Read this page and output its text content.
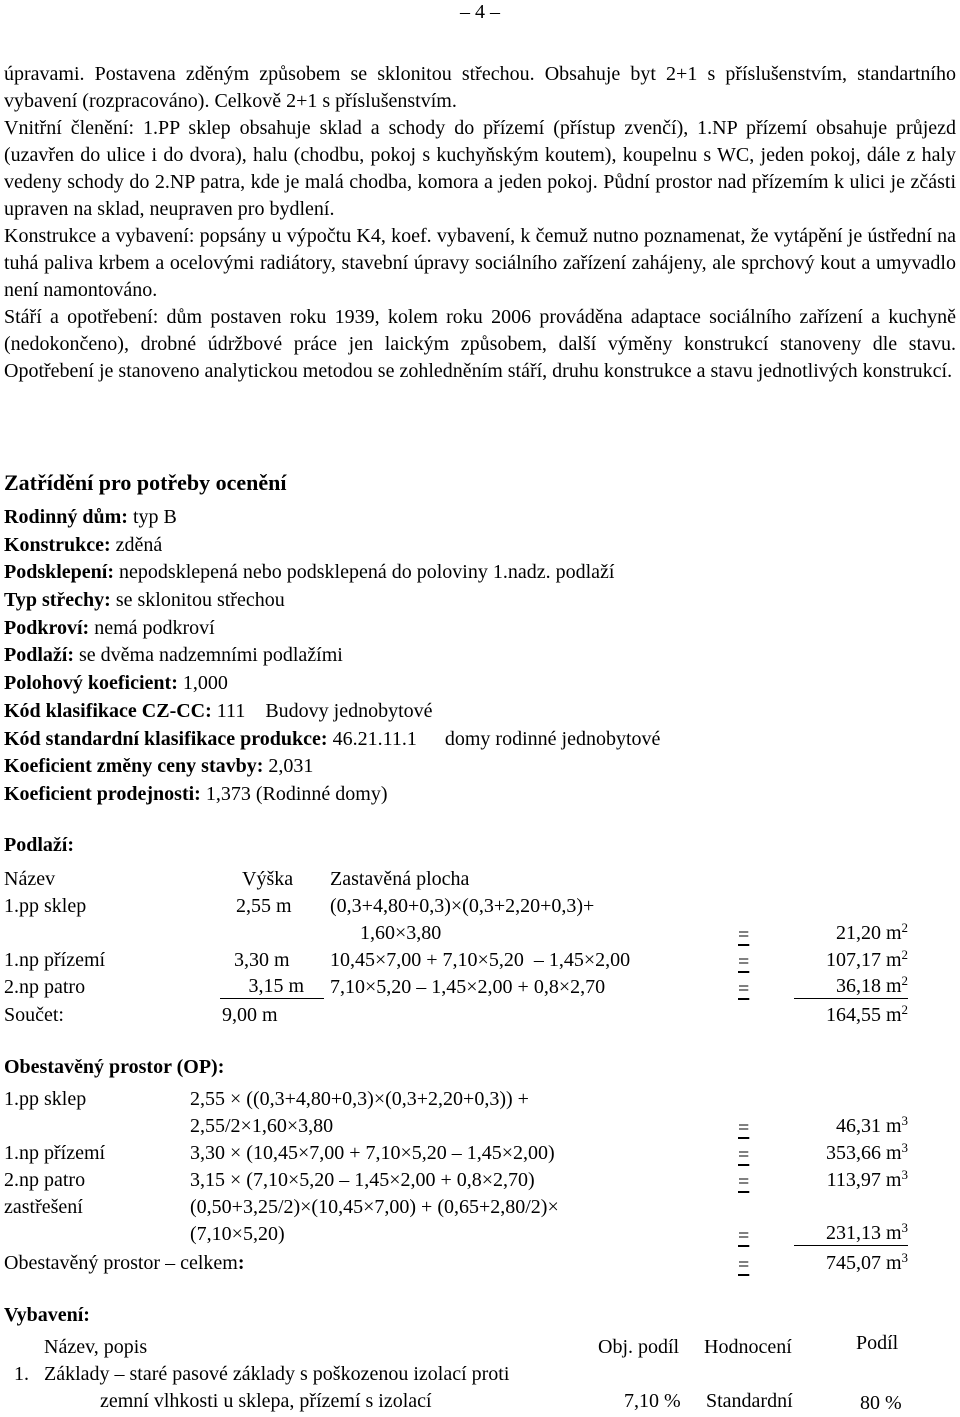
– 4 –

úpravami. Postavena zděným způsobem se sklonitou střechou. Obsahuje byt 2+1 s příslušenstvím, standartního vybavení (rozpracováno). Celkově 2+1 s příslušenstvím.

Vnitřní členění: 1.PP sklep obsahuje sklad a schody do přízemí (přístup zvenčí), 1.NP přízemí obsahuje průjezd (uzavřen do ulice i do dvora), halu (chodbu, pokoj s kuchyňským koutem), koupelnu s WC, jeden pokoj, dále z haly vedeny schody do 2.NP patra, kde je malá chodba, komora a jeden pokoj. Půdní prostor nad přízemím k ulici je zčásti upraven na sklad, neupraven pro bydlení.

Konstrukce a vybavení: popsány u výpočtu K4, koef. vybavení, k čemuž nutno poznamenat, že vytápění je ústřední na tuhá paliva krbem a ocelovými radiátory, stavební úpravy sociálního zařízení zahájeny, ale sprchový kout a umyvadlo není namontováno.

Stáří a opotřebení: dům postaven roku 1939, kolem roku 2006 prováděna adaptace sociálního zařízení a kuchyně (nedokončeno), drobné údržbové práce jen laickým způsobem, další výměny konstrukcí stanoveny dle stavu. Opotřebení je stanoveno analytickou metodou se zohledněním stáří, druhu konstrukce a stavu jednotlivých konstrukcí.

Zatřídění pro potřeby ocenění
Rodinný dům: typ B
Konstrukce: zděná
Podsklepení: nepodsklepená nebo podsklepená do poloviny 1.nadz. podlaží
Typ střechy: se sklonitou střechou
Podkroví: nemá podkroví
Podlaží: se dvěma nadzemními podlažími
Polohový koeficient: 1,000
Kód klasifikace CZ-CC: 111 Budovy jednobytové
Kód standardní klasifikace produkce: 46.21.11.1 domy rodinné jednobytové
Koeficient změny ceny stavby: 2,031
Koeficient prodejnosti: 1,373 (Rodinné domy)
Podlaží:
Název	Výška Zastavěná plocha
1.pp sklep	2,55 m (0,3+4,80+0,3)×(0,3+2,20+0,3)+
1,60×3,80	=	21,20 $m^2$
1.np přízemí	3,30 m 10,45×7,00 + 7,10×5,20  – 1,45×2,00	=	107,17 $m^2$
2.np patro	3,15 m	7,10×5,20 – 1,45×2,00 + 0,8×2,70	=	36,18 $m^2$
Součet:	9,00 m	164,55 $m^2$
Obestavěný prostor (OP):
1.pp sklep	2,55 × ((0,3+4,80+0,3)×(0,3+2,20+0,3)) +
2,55/2×1,60×3,80	=	46,31 $m^3$
1.np přízemí	3,30 × (10,45×7,00 + 7,10×5,20 – 1,45×2,00)	=	353,66 $m^3$
2.np patro	3,15 × (7,10×5,20 – 1,45×2,00 + 0,8×2,70)	=	113,97 $m^3$
zastřešení	(0,50+3,25/2)×(10,45×7,00) + (0,65+2,80/2)×
(7,10×5,20)	=	231,13 $m^3$
Obestavěný prostor – celkem:	=	745,07 $m^3$
Vybavení:
Název, popis	Obj. podíl Hodnocení	Podíl
1. Základy – staré pasové základy s poškozenou izolací proti
zemní vlhkosti u sklepa, přízemí s izolací	7,10 % Standardní	80 %
